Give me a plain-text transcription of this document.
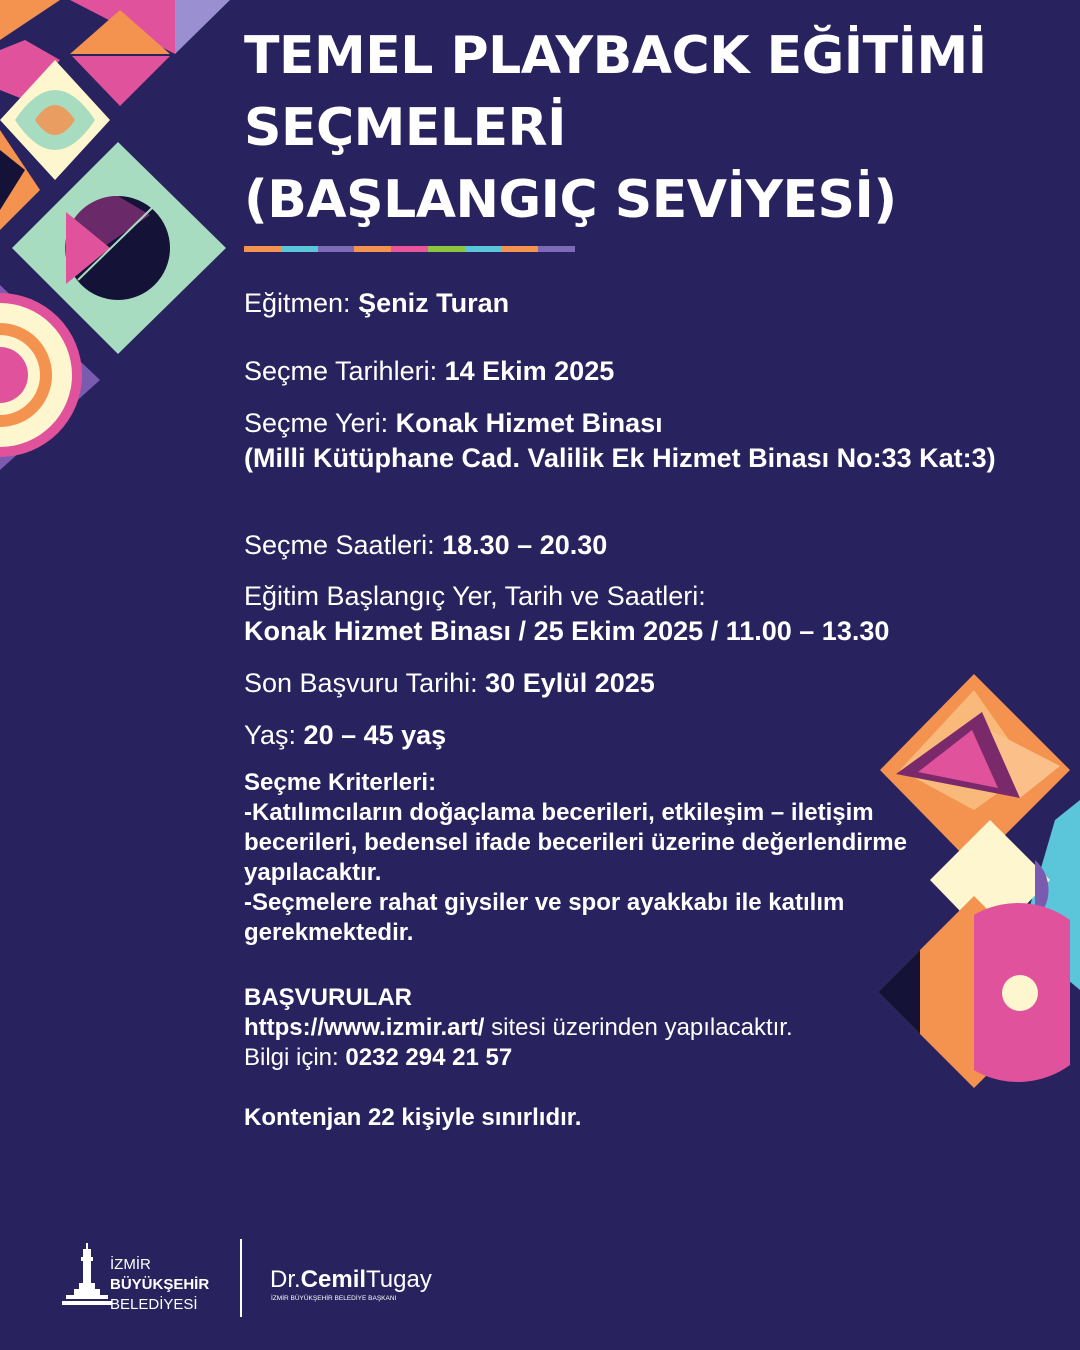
TEMEL PLAYBACK EĞİTİMİ
SEÇMELERİ
(BAŞLANGIÇ SEVİYESİ)

Eğitmen: Şeniz Turan

Seçme Tarihleri: 14 Ekim 2025

Seçme Yeri: Konak Hizmet Binası
(Milli Kütüphane Cad. Valilik Ek Hizmet Binası No:33 Kat:3)

Seçme Saatleri: 18.30 – 20.30

Eğitim Başlangıç Yer, Tarih ve Saatleri:
Konak Hizmet Binası / 25 Ekim 2025 / 11.00 – 13.30

Son Başvuru Tarihi: 30 Eylül 2025

Yaş: 20 – 45 yaş

Seçme Kriterleri:
-Katılımcıların doğaçlama becerileri, etkileşim – iletişim becerileri, bedensel ifade becerileri üzerine değerlendirme yapılacaktır.
-Seçmelere rahat giysiler ve spor ayakkabı ile katılım gerekmektedir.
BAŞVURULAR
https://www.izmir.art/ sitesi üzerinden yapılacaktır.
Bilgi için: 0232 294 21 57

Kontenjan 22 kişiyle sınırlıdır.

İZMİR
BÜYÜKŞEHİR
BELEDİYESİ
Dr.CemilTugay
İZMİR BÜYÜKŞEHİR BELEDİYE BAŞKANI
